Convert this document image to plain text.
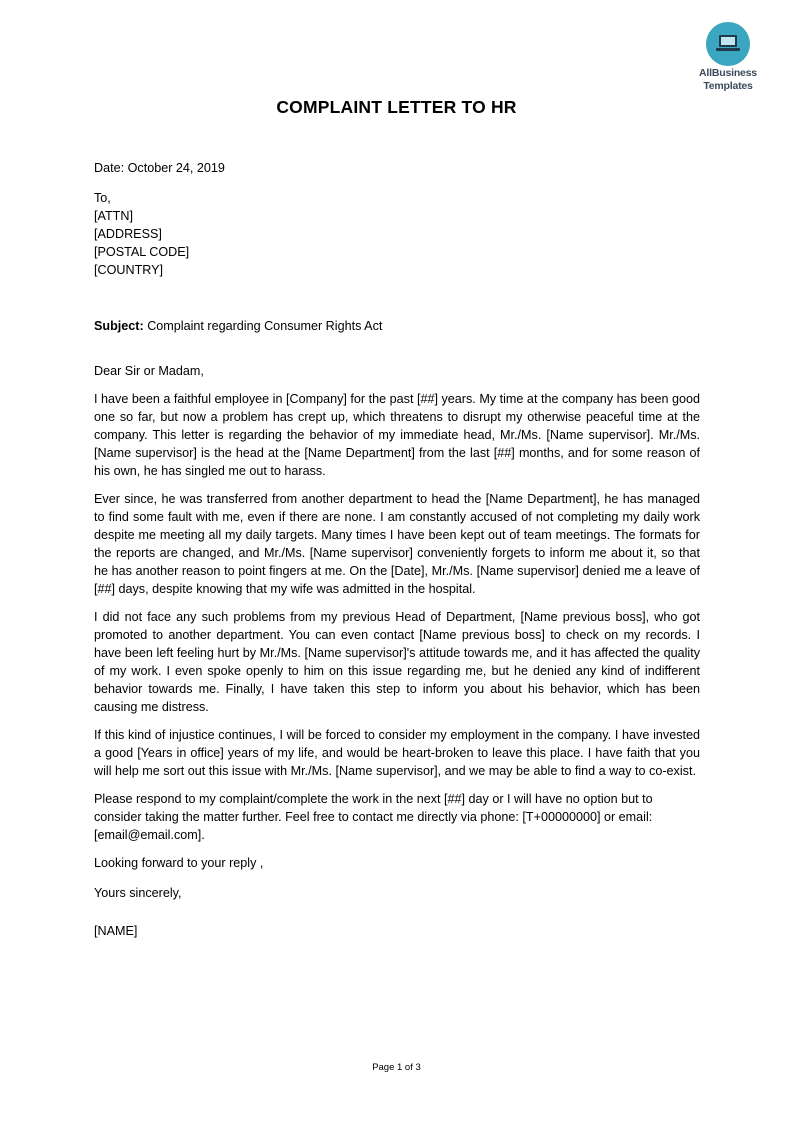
AllBusiness
Templates
COMPLAINT LETTER TO HR
Date: October 24, 2019
To,
[ATTN]
[ADDRESS]
[POSTAL CODE]
[COUNTRY]
Subject: Complaint regarding Consumer Rights Act
Dear Sir or Madam,
I have been a faithful employee in [Company] for the past [##] years. My time at the company has been good one so far, but now a problem has crept up, which threatens to disrupt my otherwise peaceful time at the company. This letter is regarding the behavior of my immediate head, Mr./Ms. [Name supervisor]. Mr./Ms. [Name supervisor] is the head at the [Name Department] from the last [##] months, and for some reason of his own, he has singled me out to harass.
Ever since, he was transferred from another department to head the [Name Department], he has managed to find some fault with me, even if there are none. I am constantly accused of not completing my daily work despite me meeting all my daily targets. Many times I have been kept out of team meetings. The formats for the reports are changed, and Mr./Ms. [Name supervisor] conveniently forgets to inform me about it, so that he has another reason to point fingers at me. On the [Date], Mr./Ms. [Name supervisor] denied me a leave of [##] days, despite knowing that my wife was admitted in the hospital.
I did not face any such problems from my previous Head of Department, [Name previous boss], who got promoted to another department. You can even contact [Name previous boss] to check on my records. I have been left feeling hurt by Mr./Ms. [Name supervisor]'s attitude towards me, and it has affected the quality of my work. I even spoke openly to him on this issue regarding me, but he denied any kind of indifferent behavior towards me. Finally, I have taken this step to inform you about his behavior, which has been causing me distress.
If this kind of injustice continues, I will be forced to consider my employment in the company. I have invested a good [Years in office] years of my life, and would be heart-broken to leave this place. I have faith that you will help me sort out this issue with Mr./Ms. [Name supervisor], and we may be able to find a way to co-exist.
Please respond to my complaint/complete the work in the next [##] day or I will have no option but to consider taking the matter further. Feel free to contact me directly via phone: [T+00000000] or email: [email@email.com].
Looking forward to your reply ,
Yours sincerely,
[NAME]
Page 1 of 3
